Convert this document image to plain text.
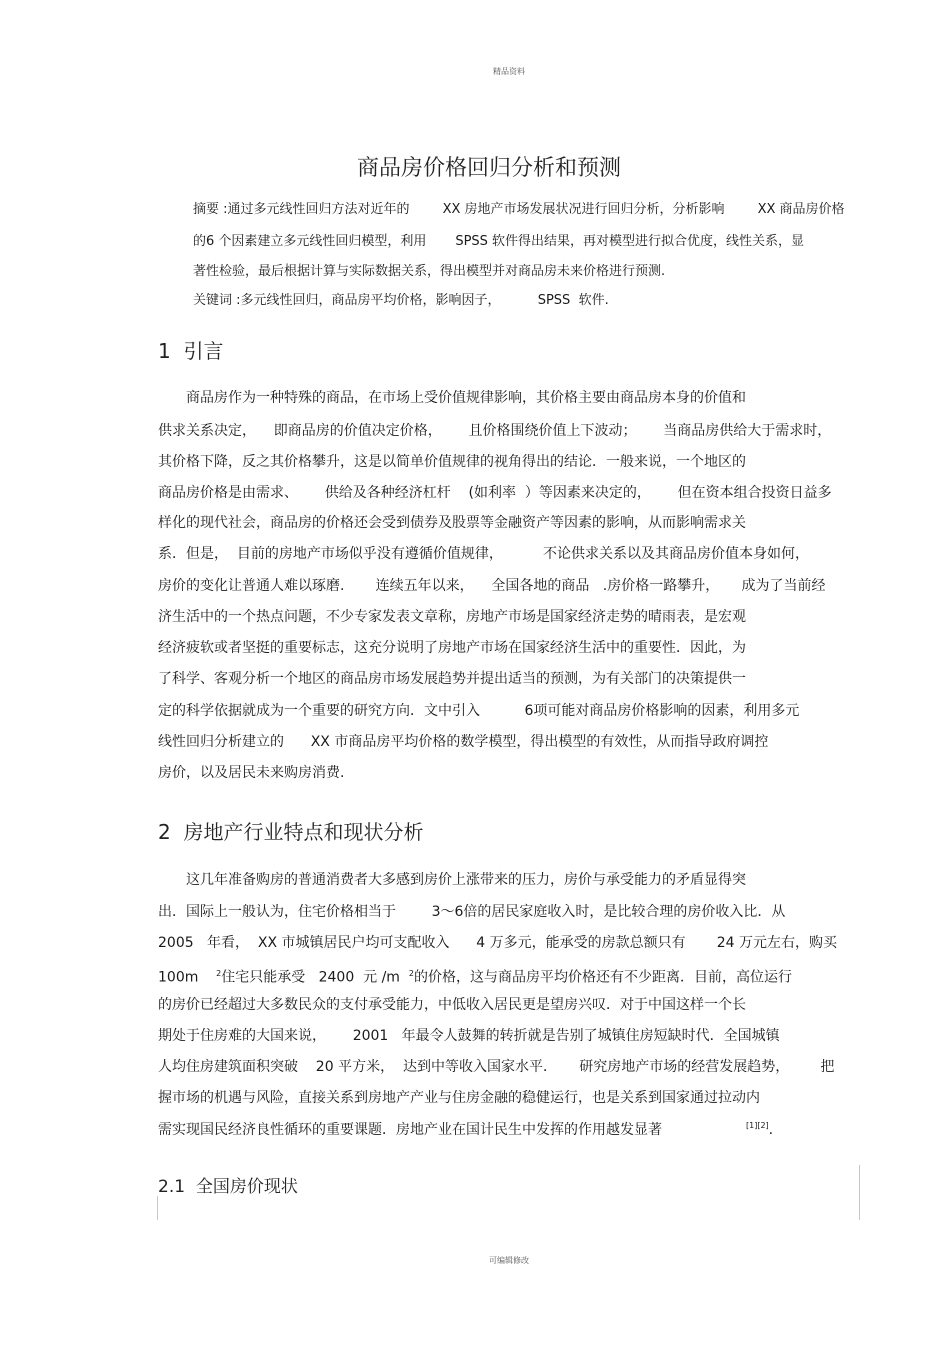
精品资料
商品房价格回归分析和预测
摘要 :通过多元线性回归方法对近年的        XX 房地产市场发展状况进行回归分析，分析影响        XX 商品房价格
的6 个因素建立多元线性回归模型，利用       SPSS 软件得出结果，再对模型进行拟合优度，线性关系，显
著性检验，最后根据计算与实际数据关系，得出模型并对商品房未来价格进行预测.
关键词 :多元线性回归，商品房平均价格，影响因子，         SPSS  软件.
1  引言
商品房作为一种特殊的商品，在市场上受价值规律影响，其价格主要由商品房本身的价值和
供求关系决定，    即商品房的价值决定价格，      且价格围绕价值上下波动；      当商品房供给大于需求时，
其价格下降，反之其价格攀升，这是以简单价值规律的视角得出的结论．一般来说，一个地区的
商品房价格是由需求、      供给及各种经济杠杆    (如利率  ）等因素来决定的，      但在资本组合投资日益多
样化的现代社会，商品房的价格还会受到债券及股票等金融资产等因素的影响，从而影响需求关
系．但是，  目前的房地产市场似乎没有遵循价值规律，         不论供求关系以及其商品房价值本身如何，
房价的变化让普通人难以琢磨.       连续五年以来，    全国各地的商品   .房价格一路攀升，     成为了当前经
济生活中的一个热点问题，不少专家发表文章称，房地产市场是国家经济走势的晴雨表，是宏观
经济疲软或者坚挺的重要标志，这充分说明了房地产市场在国家经济生活中的重要性．因此，为
了科学、客观分析一个地区的商品房市场发展趋势并提出适当的预测，为有关部门的决策提供一
定的科学依据就成为一个重要的研究方向．文中引入          6项可能对商品房价格影响的因素，利用多元
线性回归分析建立的      XX 市商品房平均价格的数学模型，得出模型的有效性，从而指导政府调控
房价，以及居民未来购房消费.
2  房地产行业特点和现状分析
这几年准备购房的普通消费者大多感到房价上涨带来的压力，房价与承受能力的矛盾显得突
出．国际上一般认为，住宅价格相当于        3～6倍的居民家庭收入时，是比较合理的房价收入比．从
2005   年看，  XX 市城镇居民户均可支配收入      4 万多元，能承受的房款总额只有       24 万元左右，购买
100m    $^2$住宅只能承受   2400  元 /m  $^2$的价格，这与商品房平均价格还有不少距离．目前，高位运行
的房价已经超过大多数民众的支付承受能力，中低收入居民更是望房兴叹．对于中国这样一个长
期处于住房难的大国来说，      2001   年最令人鼓舞的转折就是告别了城镇住房短缺时代．全国城镇
人均住房建筑面积突破    20 平方米，  达到中等收入国家水平．     研究房地产市场的经营发展趋势，       把
握市场的机遇与风险，直接关系到房地产产业与住房金融的稳健运行，也是关系到国家通过拉动内
需实现国民经济良性循环的重要课题．房地产业在国计民生中发挥的作用越发显著	[1][2].
2.1  全国房价现状
可编辑修改
